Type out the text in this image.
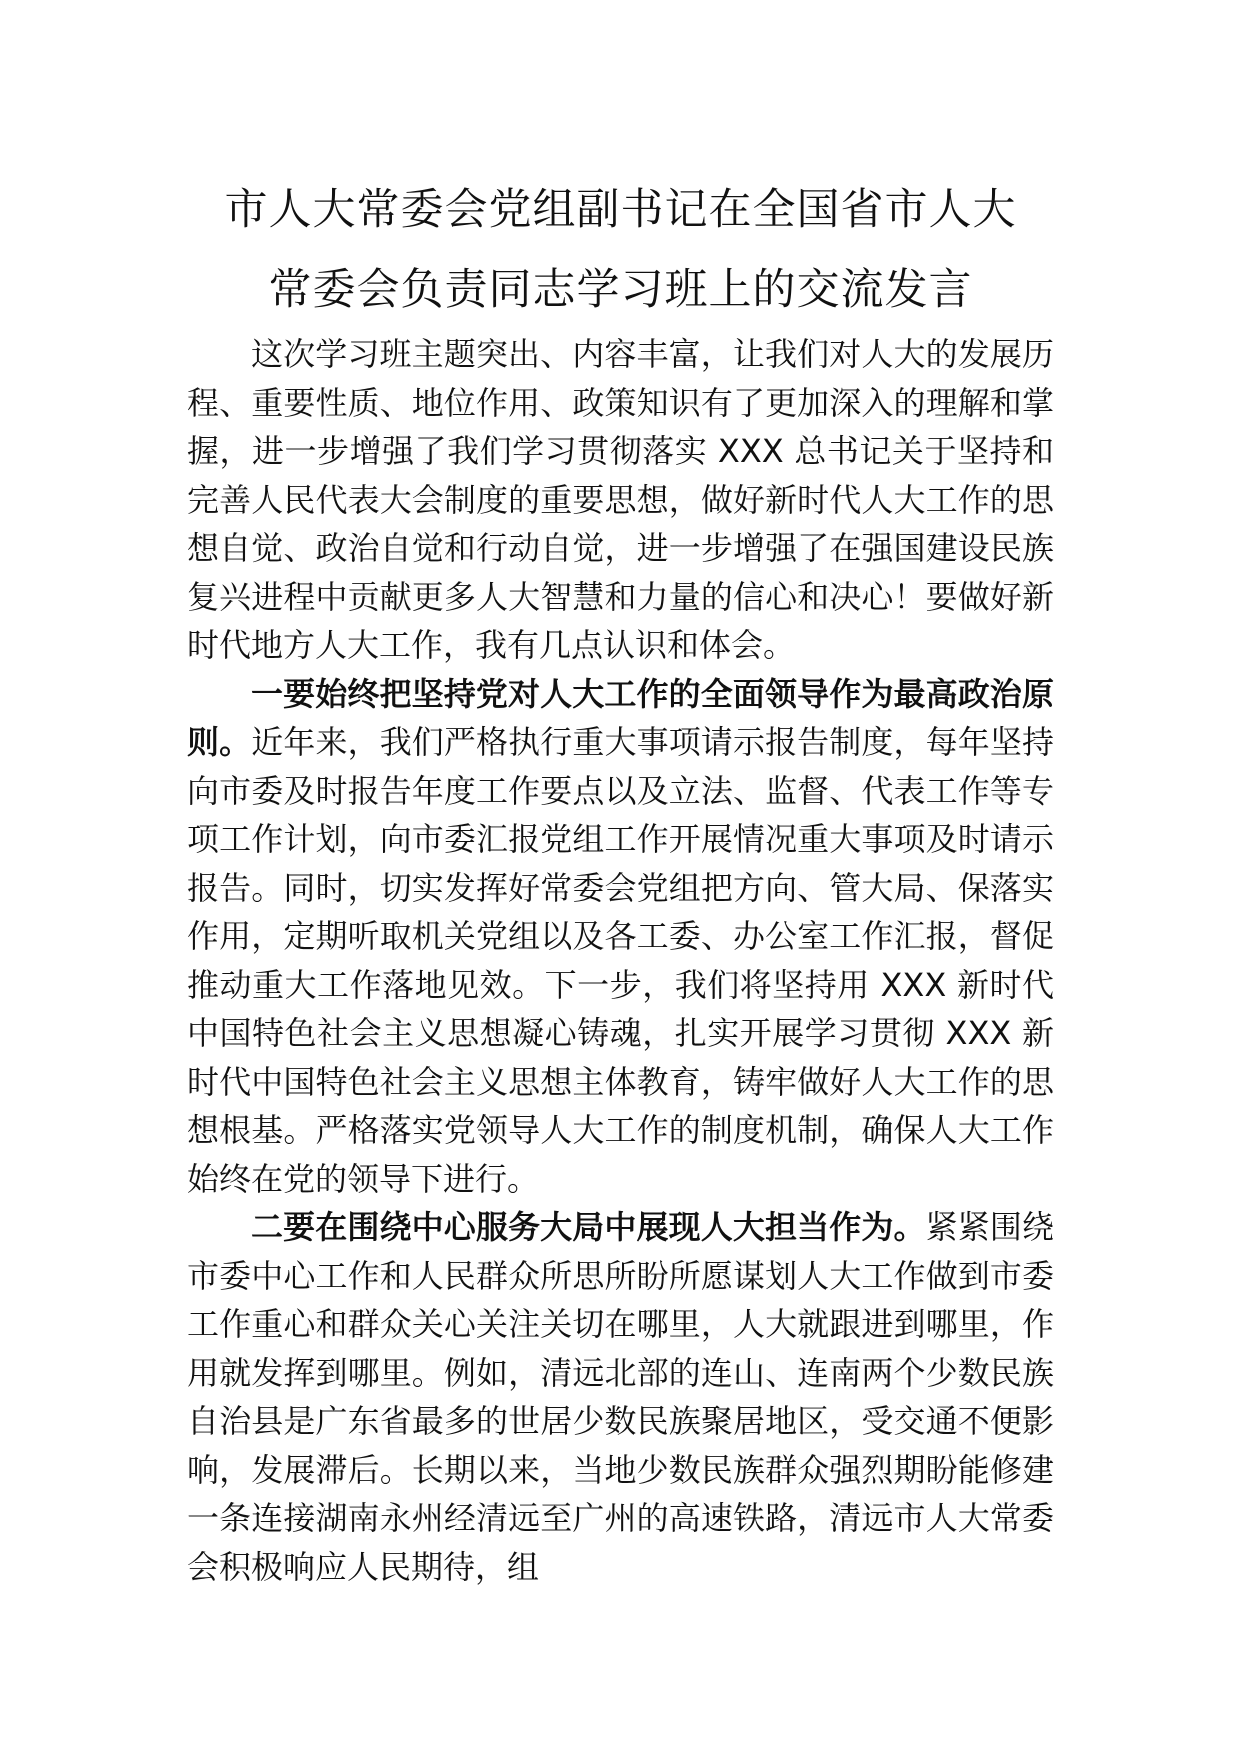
市人大常委会党组副书记在全国省市人大
常委会负责同志学习班上的交流发言

这次学习班主题突出、内容丰富，让我们对人大的发展历程、重要性质、地位作用、政策知识有了更加深入的理解和掌握，进一步增强了我们学习贯彻落实 XXX 总书记关于坚持和完善人民代表大会制度的重要思想，做好新时代人大工作的思想自觉、政治自觉和行动自觉，进一步增强了在强国建设民族复兴进程中贡献更多人大智慧和力量的信心和决心！要做好新时代地方人大工作，我有几点认识和体会。

一要始终把坚持党对人大工作的全面领导作为最高政治原则。近年来，我们严格执行重大事项请示报告制度，每年坚持向市委及时报告年度工作要点以及立法、监督、代表工作等专项工作计划，向市委汇报党组工作开展情况重大事项及时请示报告。同时，切实发挥好常委会党组把方向、管大局、保落实作用，定期听取机关党组以及各工委、办公室工作汇报，督促推动重大工作落地见效。下一步，我们将坚持用 XXX 新时代中国特色社会主义思想凝心铸魂，扎实开展学习贯彻 XXX 新时代中国特色社会主义思想主体教育，铸牢做好人大工作的思想根基。严格落实党领导人大工作的制度机制，确保人大工作始终在党的领导下进行。

二要在围绕中心服务大局中展现人大担当作为。紧紧围绕市委中心工作和人民群众所思所盼所愿谋划人大工作做到市委工作重心和群众关心关注关切在哪里，人大就跟进到哪里，作用就发挥到哪里。例如，清远北部的连山、连南两个少数民族自治县是广东省最多的世居少数民族聚居地区，受交通不便影响，发展滞后。长期以来，当地少数民族群众强烈期盼能修建一条连接湖南永州经清远至广州的高速铁路，清远市人大常委会积极响应人民期待，组
